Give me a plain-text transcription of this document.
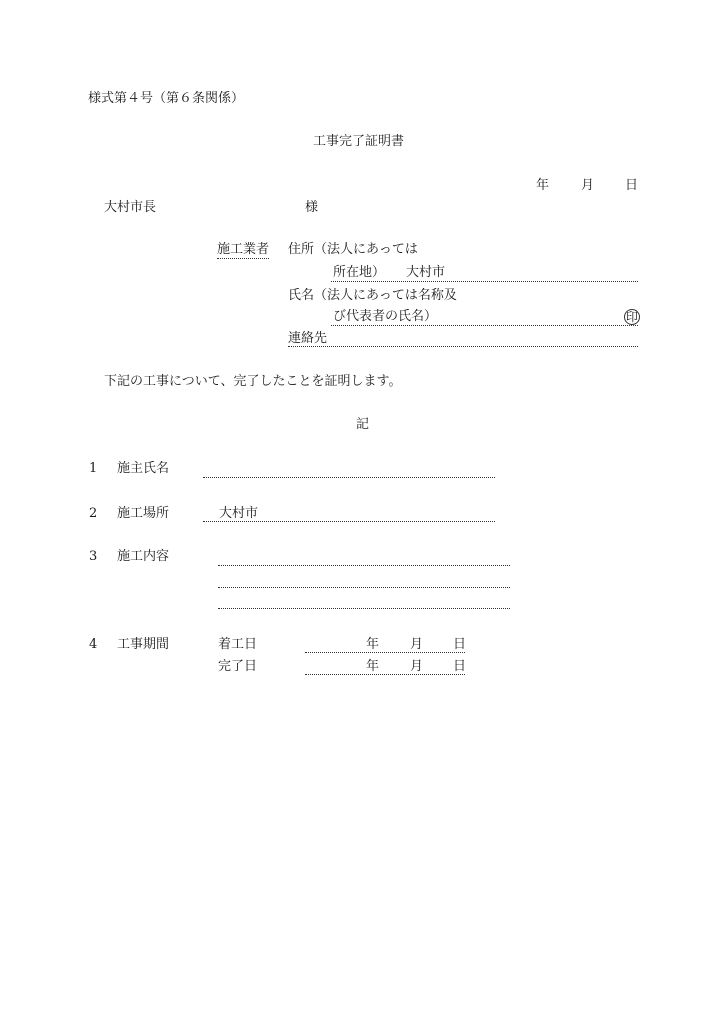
様式第４号（第６条関係）
工事完了証明書
年 月 日
大村市長	様
施工業者 住所（法人にあっては
所在地） 大村市
氏名（法人にあっては名称及
び代表者の氏名）	印
連絡先
下記の工事について、完了したことを証明します。
記
1 施主氏名
2 施工場所	大村市
3 施工内容
4 工事期間	着工日	年 月 日
完了日	年 月 日
